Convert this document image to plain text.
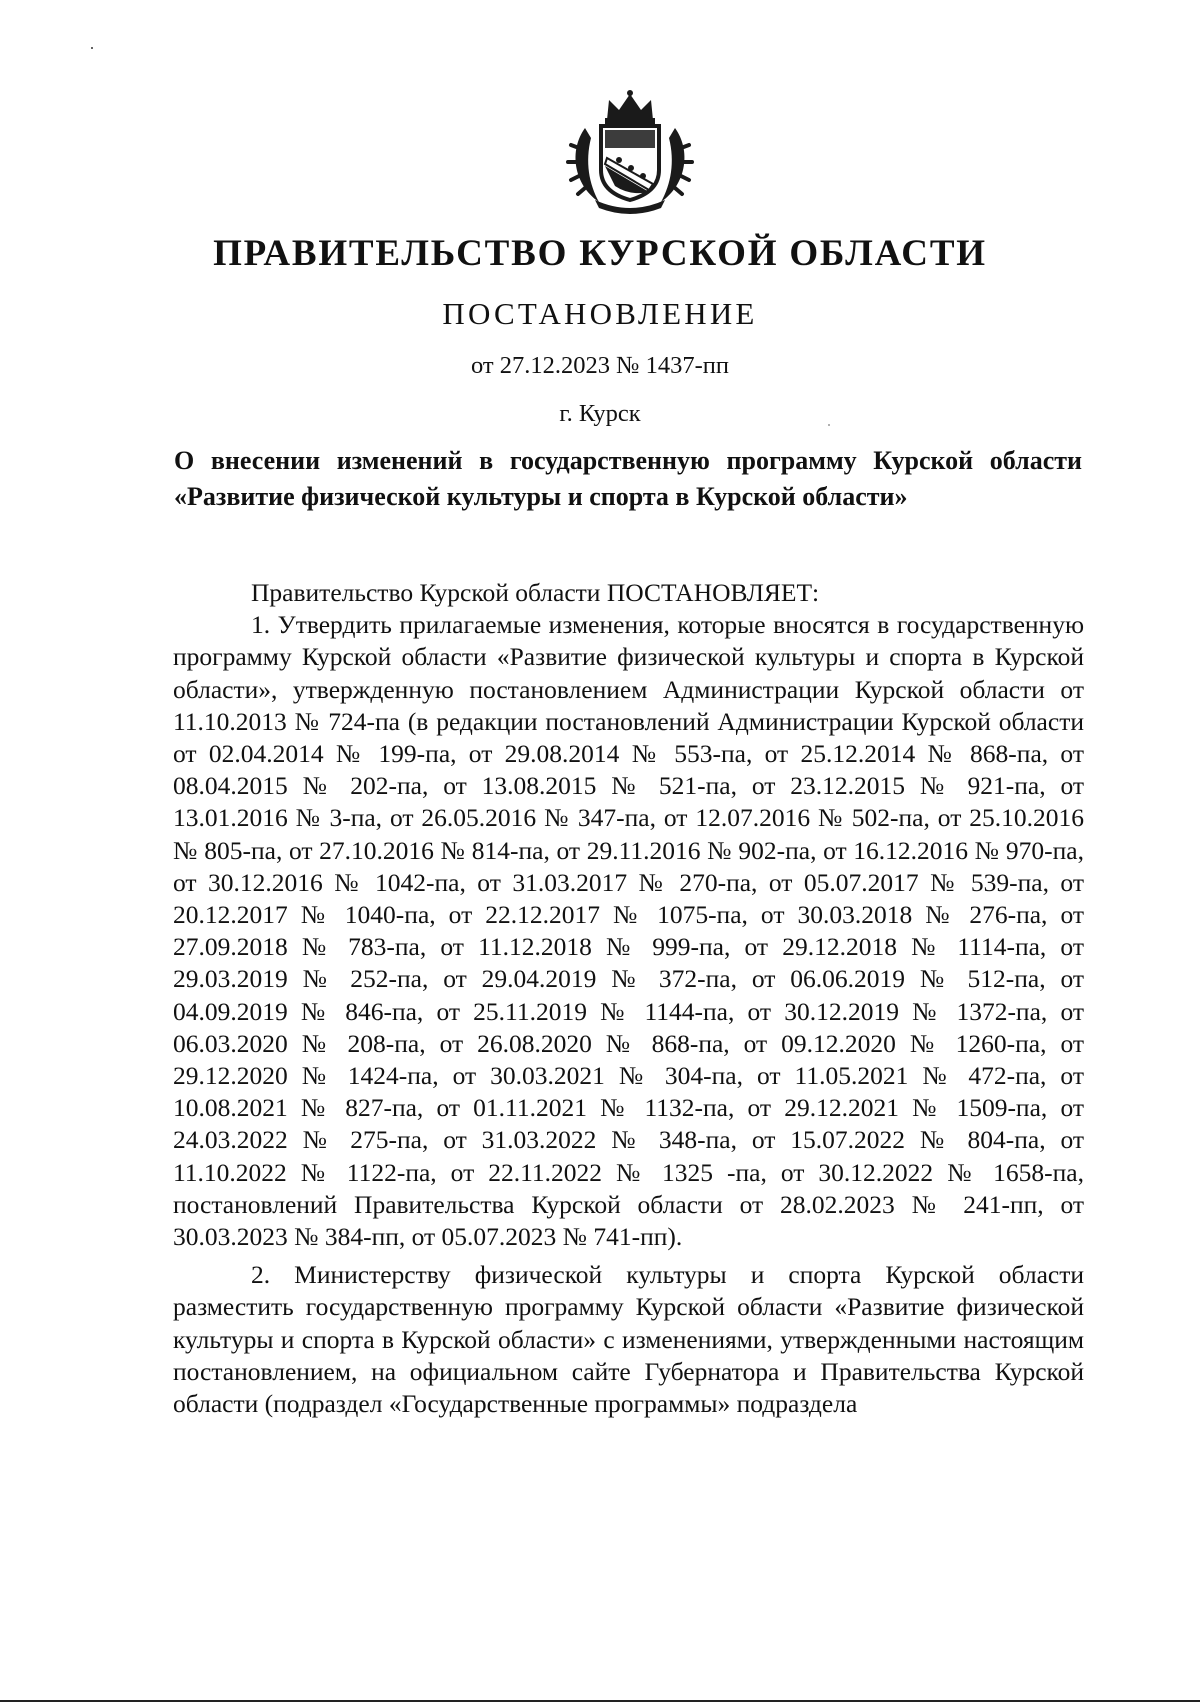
ПРАВИТЕЛЬСТВО КУРСКОЙ ОБЛАСТИ
ПОСТАНОВЛЕНИЕ
от 27.12.2023 № 1437-пп
г. Курск
О внесении изменений в государственную программу Курской области «Развитие физической культуры и спорта в Курской области»

Правительство Курской области ПОСТАНОВЛЯЕТ:

1. Утвердить прилагаемые изменения, которые вносятся в государственную программу Курской области «Развитие физической культуры и спорта в Курской области», утвержденную постановлением Администрации Курской области от 11.10.2013 № 724-па (в редакции постановлений Администрации Курской области от 02.04.2014 № 199-па, от 29.08.2014 № 553-па, от 25.12.2014 № 868-па, от 08.04.2015 № 202-па, от 13.08.2015 № 521-па, от 23.12.2015 № 921-па, от 13.01.2016 № 3-па, от 26.05.2016 № 347-па, от 12.07.2016 № 502-па, от 25.10.2016 № 805-па, от 27.10.2016 № 814-па, от 29.11.2016 № 902-па, от 16.12.2016 № 970-па, от 30.12.2016 № 1042-па, от 31.03.2017 № 270-па, от 05.07.2017 № 539-па, от 20.12.2017 № 1040-па, от 22.12.2017 № 1075-па, от 30.03.2018 № 276-па, от 27.09.2018 № 783-па, от 11.12.2018 № 999-па, от 29.12.2018 № 1114-па, от 29.03.2019 № 252-па, от 29.04.2019 № 372-па, от 06.06.2019 № 512-па, от 04.09.2019 № 846-па, от 25.11.2019 № 1144-па, от 30.12.2019 № 1372-па, от 06.03.2020 № 208-па, от 26.08.2020 № 868-па, от 09.12.2020 № 1260-па, от 29.12.2020 № 1424-па, от 30.03.2021 № 304-па, от 11.05.2021 № 472-па, от 10.08.2021 № 827-па, от 01.11.2021 № 1132-па, от 29.12.2021 № 1509-па, от 24.03.2022 № 275-па, от 31.03.2022 № 348-па, от 15.07.2022 № 804-па, от 11.10.2022 № 1122-па, от 22.11.2022 № 1325 -па, от 30.12.2022 № 1658-па, постановлений Правительства Курской области от 28.02.2023 № 241-пп, от 30.03.2023 № 384-пп, от 05.07.2023 № 741-пп).

2. Министерству физической культуры и спорта Курской области разместить государственную программу Курской области «Развитие физической культуры и спорта в Курской области» с изменениями, утвержденными настоящим постановлением, на официальном сайте Губернатора и Правительства Курской области (подраздел «Государственные программы» подраздела
